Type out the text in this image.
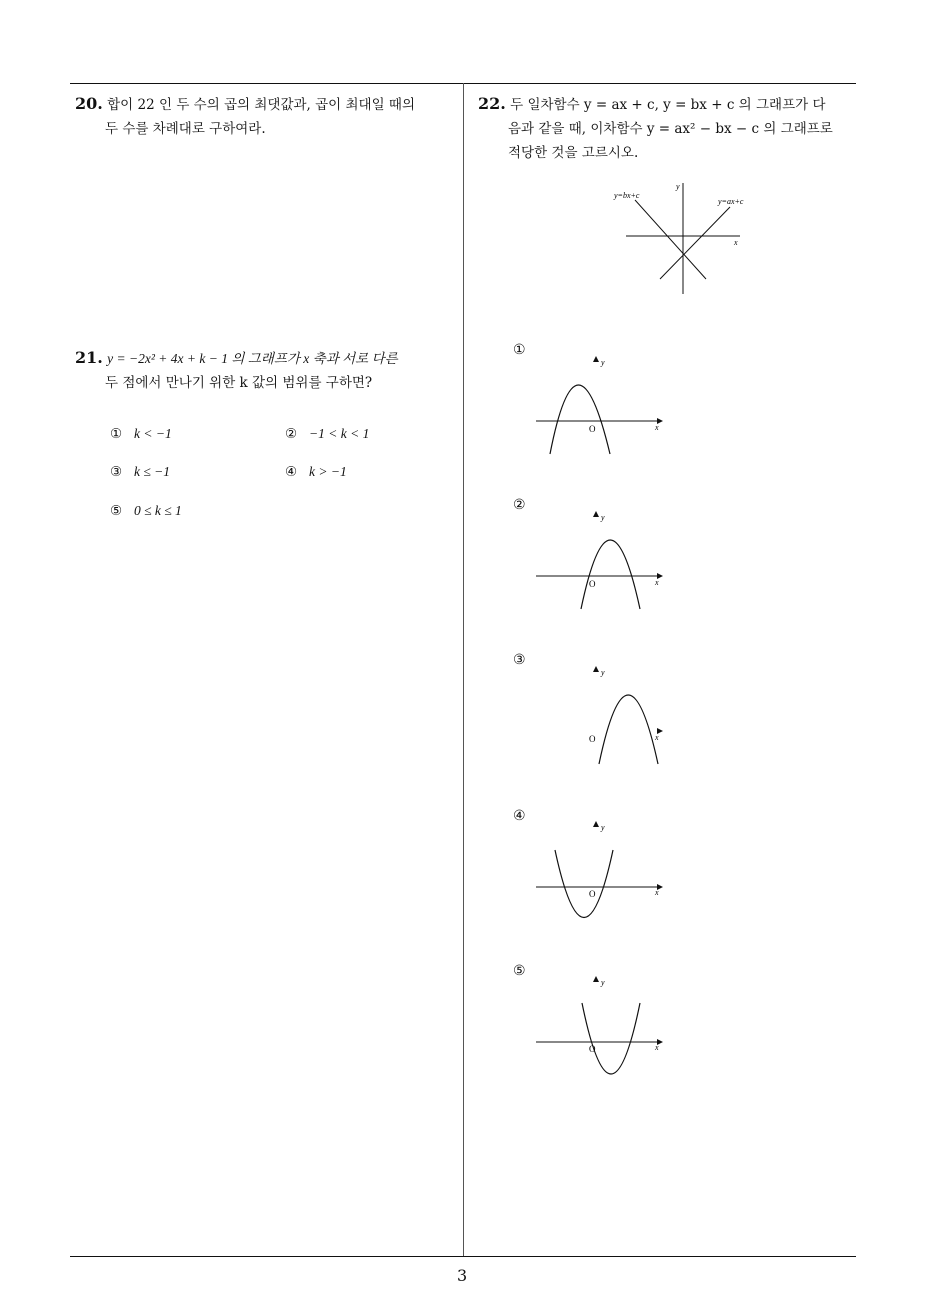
20. 합이 22 인 두 수의 곱의 최댓값과, 곱이 최대일 때의
두 수를 차례대로 구하여라.
21. y = −2x² + 4x + k − 1 의 그래프가 x 축과 서로 다른
두 점에서 만나기 위한 k 값의 범위를 구하면?
① k < −1	② −1 < k < 1
③ k ≤ −1	④ k > −1
⑤ 0 ≤ k ≤ 1
22. 두 일차함수 y = ax + c, y = bx + c 의 그래프가 다
음과 같을 때, 이차함수 y = ax² − bx − c 의 그래프로
적당한 것을 고르시오.
y=bx+c
y=ax+c
x
y
①
②
③
④
⑤
O	x
y
O	x
y
O	x
y
O	x
y
O	x
y
3
